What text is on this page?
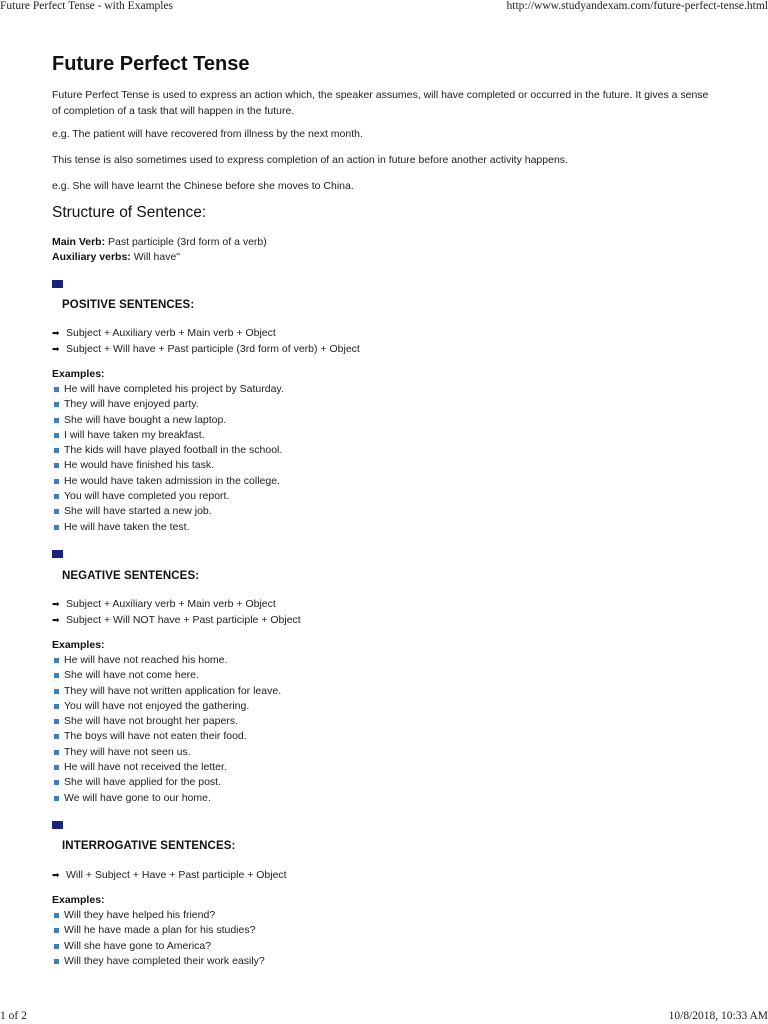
Future Perfect Tense - with Examples	http://www.studyandexam.com/future-perfect-tense.html
Future Perfect Tense

Future Perfect Tense is used to express an action which, the speaker assumes, will have completed or occurred in the future. It gives a sense of completion of a task that will happen in the future.

e.g. The patient will have recovered from illness by the next month.

This tense is also sometimes used to express completion of an action in future before another activity happens.

e.g. She will have learnt the Chinese before she moves to China.

Structure of Sentence:
Main Verb: Past participle (3rd form of a verb)
Auxiliary verbs: Will have"
POSITIVE SENTENCES:
➡ Subject + Auxiliary verb + Main verb + Object
➡ Subject + Will have + Past participle (3rd form of verb) + Object
Examples:
He will have completed his project by Saturday.
They will have enjoyed party.
She will have bought a new laptop.
I will have taken my breakfast.
The kids will have played football in the school.
He would have finished his task.
He would have taken admission in the college.
You will have completed you report.
She will have started a new job.
He will have taken the test.
NEGATIVE SENTENCES:
➡ Subject + Auxiliary verb + Main verb + Object
➡ Subject + Will NOT have + Past participle + Object
Examples:
He will have not reached his home.
She will have not come here.
They will have not written application for leave.
You will have not enjoyed the gathering.
She will have not brought her papers.
The boys will have not eaten their food.
They will have not seen us.
He will have not received the letter.
She will have applied for the post.
We will have gone to our home.
INTERROGATIVE SENTENCES:
➡ Will + Subject + Have + Past participle + Object
Examples:
Will they have helped his friend?
Will he have made a plan for his studies?
Will she have gone to America?
Will they have completed their work easily?
1 of 2	10/8/2018, 10:33 AM
